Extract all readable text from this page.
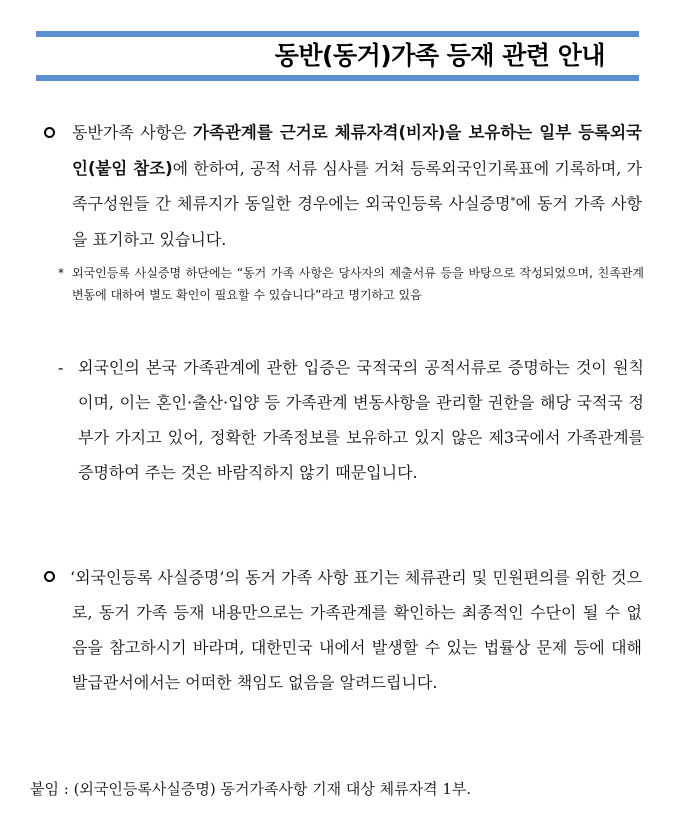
동반(동거)가족 등재 관련 안내
동반가족 사항은 가족관계를 근거로 체류자격(비자)을 보유하는 일부 등록외국인(붙임 참조)에 한하여, 공적 서류 심사를 거쳐 등록외국인기록표에 기록하며, 가족구성원들 간 체류지가 동일한 경우에는 외국인등록 사실증명*에 동거 가족 사항을 표기하고 있습니다.
* 외국인등록 사실증명 하단에는 “동거 가족 사항은 당사자의 제출서류 등을 바탕으로 작성되었으며, 친족관계 변동에 대하여 별도 확인이 필요할 수 있습니다”라고 명기하고 있음
- 외국인의 본국 가족관계에 관한 입증은 국적국의 공적서류로 증명하는 것이 원칙이며, 이는 혼인·출산·입양 등 가족관계 변동사항을 관리할 권한을 해당 국적국 정부가 가지고 있어, 정확한 가족정보를 보유하고 있지 않은 제3국에서 가족관계를 증명하여 주는 것은 바람직하지 않기 때문입니다.
‘외국인등록 사실증명’의 동거 가족 사항 표기는 체류관리 및 민원편의를 위한 것으로, 동거 가족 등재 내용만으로는 가족관계를 확인하는 최종적인 수단이 될 수 없음을 참고하시기 바라며, 대한민국 내에서 발생할 수 있는 법률상 문제 등에 대해 발급관서에서는 어떠한 책임도 없음을 알려드립니다.
붙임 : (외국인등록사실증명) 동거가족사항 기재 대상 체류자격 1부.
